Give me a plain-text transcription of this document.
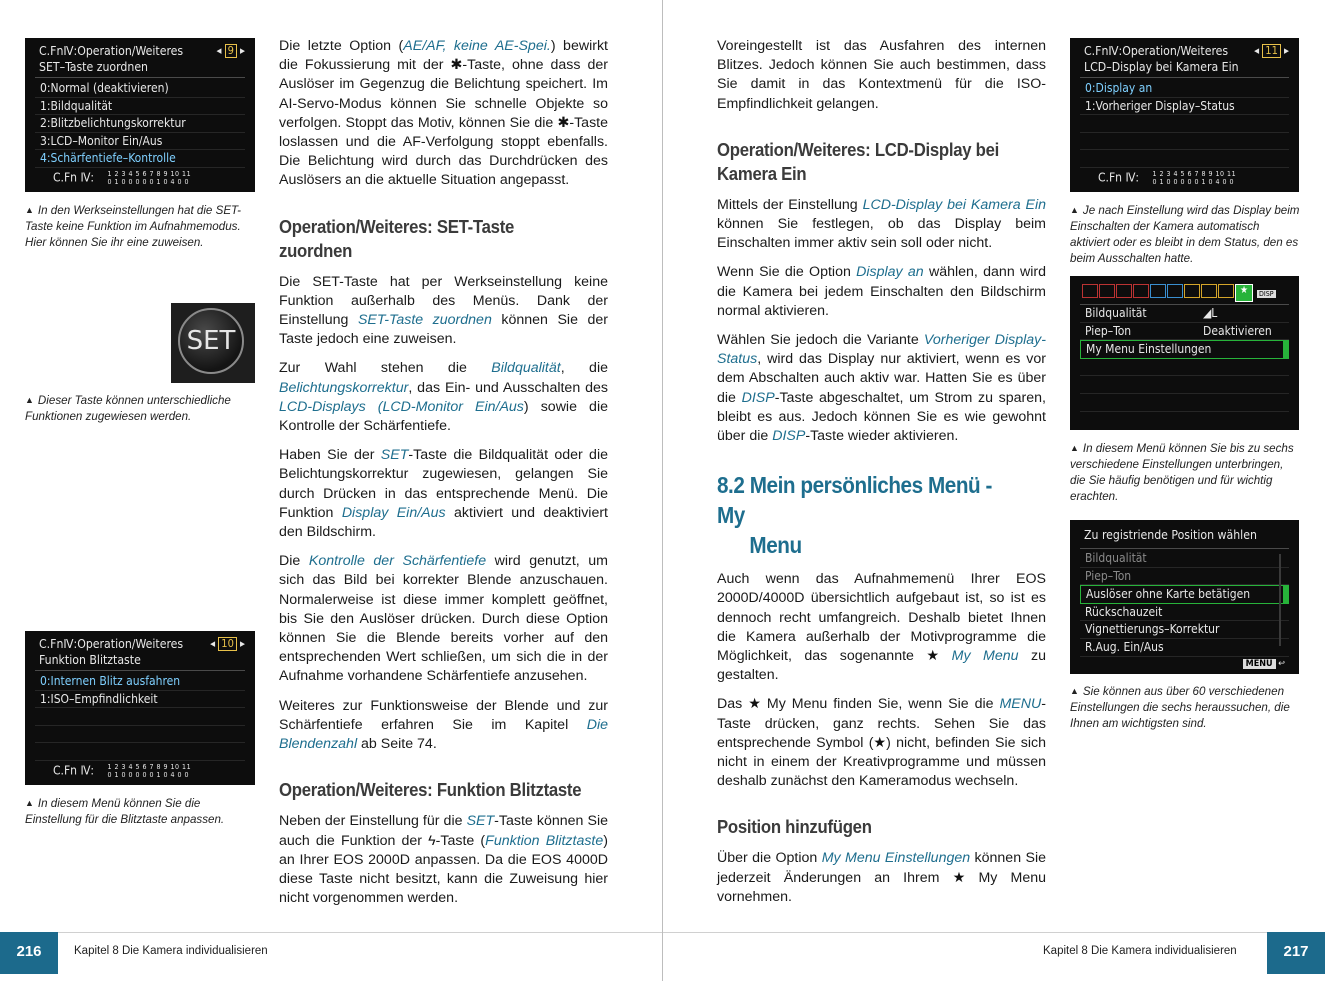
C.FnⅣ:Operation/Weiteres
SET–Taste zuordnen
◂ 9 ▸
0:Normal (deaktivieren)
1:Bildqualität
2:Blitzbelichtungskorrektur
3:LCD–Monitor Ein/Aus
4:Schärfentiefe–Kontrolle
C.Fn Ⅳ: 1 2 3 4 5 6 7 8 9 10 11
0 1 0 0 0 0 0 1 0 4 0 0
▲ In den Werkseinstellungen hat die SET-Taste keine Funktion im Aufnahmemodus. Hier können Sie ihr eine zuweisen.
SET
▲ Dieser Taste können unterschiedliche Funktionen zugewiesen werden.
C.FnⅣ:Operation/Weiteres
Funktion Blitztaste
◂ 10 ▸
0:Internen Blitz ausfahren
1:ISO–Empfindlichkeit
C.Fn Ⅳ: 1 2 3 4 5 6 7 8 9 10 11
0 1 0 0 0 0 0 1 0 4 0 0
▲ In diesem Menü können Sie die Einstellung für die Blitztaste anpassen.

Die letzte Option (AE/AF, keine AE-Spei.) bewirkt die Fokussierung mit der ✱-Taste, ohne dass der Auslöser im Gegenzug die Belichtung speichert. Im AI-Servo-Modus können Sie schnelle Objekte so verfolgen. Stoppt das Motiv, können Sie die ✱-Taste loslassen und die AF-Verfolgung stoppt ebenfalls. Die Belichtung wird durch das Durchdrücken des Auslösers an die aktuelle Situation angepasst.

Operation/Weiteres: SET-Taste zuordnen

Die SET-Taste hat per Werkseinstellung keine Funktion außerhalb des Menüs. Dank der Einstellung SET-Taste zuordnen können Sie der Taste jedoch eine zuweisen.

Zur Wahl stehen die Bildqualität, die Belichtungskorrektur, das Ein- und Ausschalten des LCD-Displays (LCD-Monitor Ein/Aus) sowie die Kontrolle der Schärfentiefe.

Haben Sie der SET-Taste die Bildqualität oder die Belichtungskorrektur zugewiesen, gelangen Sie durch Drücken in das entsprechende Menü. Die Funktion Display Ein/Aus aktiviert und deaktiviert den Bildschirm.

Die Kontrolle der Schärfentiefe wird genutzt, um sich das Bild bei korrekter Blende anzuschauen. Normalerweise ist diese immer komplett geöffnet, bis Sie den Auslöser drücken. Durch diese Option können Sie die Blende bereits vorher auf den entsprechenden Wert schließen, um sich die in der Aufnahme vorhandene Schärfentiefe anzusehen.

Weiteres zur Funktionsweise der Blende und zur Schärfentiefe erfahren Sie im Kapitel Die Blendenzahl ab Seite 74.

Operation/Weiteres: Funktion Blitztaste

Neben der Einstellung für die SET-Taste können Sie auch die Funktion der ϟ-Taste (Funktion Blitztaste) an Ihrer EOS 2000D anpassen. Da die EOS 4000D diese Taste nicht besitzt, kann die Zuweisung hier nicht vorgenommen werden.

216	Kapitel 8 Die Kamera individualisieren

Voreingestellt ist das Ausfahren des internen Blitzes. Jedoch können Sie auch bestimmen, dass Sie damit in das Kontextmenü für die ISO-Empfindlichkeit gelangen.

Operation/Weiteres: LCD-Display bei Kamera Ein

Mittels der Einstellung LCD-Display bei Kamera Ein können Sie festlegen, ob das Display beim Einschalten immer aktiv sein soll oder nicht.

Wenn Sie die Option Display an wählen, dann wird die Kamera bei jedem Einschalten den Bildschirm normal aktivieren.

Wählen Sie jedoch die Variante Vorheriger Display-Status, wird das Display nur aktiviert, wenn es vor dem Abschalten auch aktiv war. Hatten Sie es über die DISP-Taste abgeschaltet, um Strom zu sparen, bleibt es aus. Jedoch können Sie es wie gewohnt über die DISP-Taste wieder aktivieren.

8.2 Mein persönliches Menü - My
Menu

Auch wenn das Aufnahmemenü Ihrer EOS 2000D/4000D übersichtlich aufgebaut ist, so ist es dennoch recht umfangreich. Deshalb bietet Ihnen die Kamera außerhalb der Motivprogramme die Möglichkeit, das sogenannte ★ My Menu zu gestalten.

Das ★ My Menu finden Sie, wenn Sie die MENU-Taste drücken, ganz rechts. Sehen Sie das entsprechende Symbol (★) nicht, befinden Sie sich nicht in einem der Kreativprogramme und müssen deshalb zunächst den Kameramodus wechseln.

Position hinzufügen

Über die Option My Menu Einstellungen können Sie jederzeit Änderungen an Ihrem ★ My Menu vornehmen.

C.FnⅣ:Operation/Weiteres
LCD–Display bei Kamera Ein
◂ 11 ▸
0:Display an
1:Vorheriger Display–Status
C.Fn Ⅳ: 1 2 3 4 5 6 7 8 9 10 11
0 1 0 0 0 0 0 1 0 4 0 0
▲ Je nach Einstellung wird das Display beim Einschalten der Kamera automatisch aktiviert oder es bleibt in dem Status, den es beim Ausschalten hatte.
★ DISP
Bildqualität	◢L
Piep–Ton	Deaktivieren
My Menu Einstellungen
▲ In diesem Menü können Sie bis zu sechs verschiedene Einstellungen unterbringen, die Sie häufig benötigen und für wichtig erachten.
Zu registriende Position wählen
Bildqualität
Piep–Ton
Auslöser ohne Karte betätigen
Rückschauzeit
Vignettierungs–Korrektur
R.Aug. Ein/Aus
MENU ↩
▲ Sie können aus über 60 verschiedenen Einstellungen die sechs heraussuchen, die Ihnen am wichtigsten sind.
Kapitel 8 Die Kamera individualisieren	217
